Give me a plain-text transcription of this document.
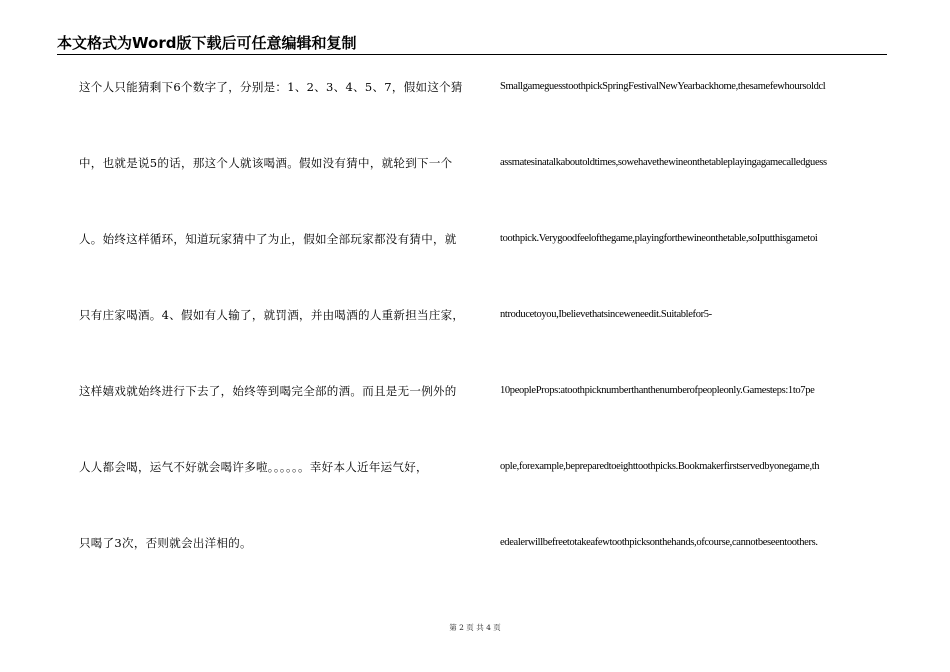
本文格式为Word版下载后可任意编辑和复制
这个人只能猜剩下6个数字了，分别是：1、2、3、4、5、7，假如这个猜
中，也就是说5的话，那这个人就该喝酒。假如没有猜中，就轮到下一个
人。始终这样循环，知道玩家猜中了为止，假如全部玩家都没有猜中，就
只有庄家喝酒。4、假如有人输了，就罚酒，并由喝酒的人重新担当庄家，
这样嬉戏就始终进行下去了，始终等到喝完全部的酒。而且是无一例外的
人人都会喝，运气不好就会喝许多啦。。。。。。幸好本人近年运气好，
只喝了3次，否则就会出洋相的。
SmallgameguesstoothpickSpringFestivalNewYearbackhome,thesamefewhoursoldcl
assmatesinatalkaboutoldtimes,sowehavethewineonthetableplayingagamecalledguess
toothpick.Verygoodfeelofthegame,playingforthewineonthetable,soIputthisgametoi
ntroducetoyou,Ibelievethatsinceweneedit.Suitablefor5-
10peopleProps:atoothpicknumberthanthenumberofpeopleonly.Gamesteps:1to7pe
ople,forexample,bepreparedtoeighttoothpicks.Bookmakerfirstservedbyonegame,th
edealerwillbefreetotakeafewtoothpicksonthehands,ofcourse,cannotbeseentoothers.
第 2 页 共 4 页
